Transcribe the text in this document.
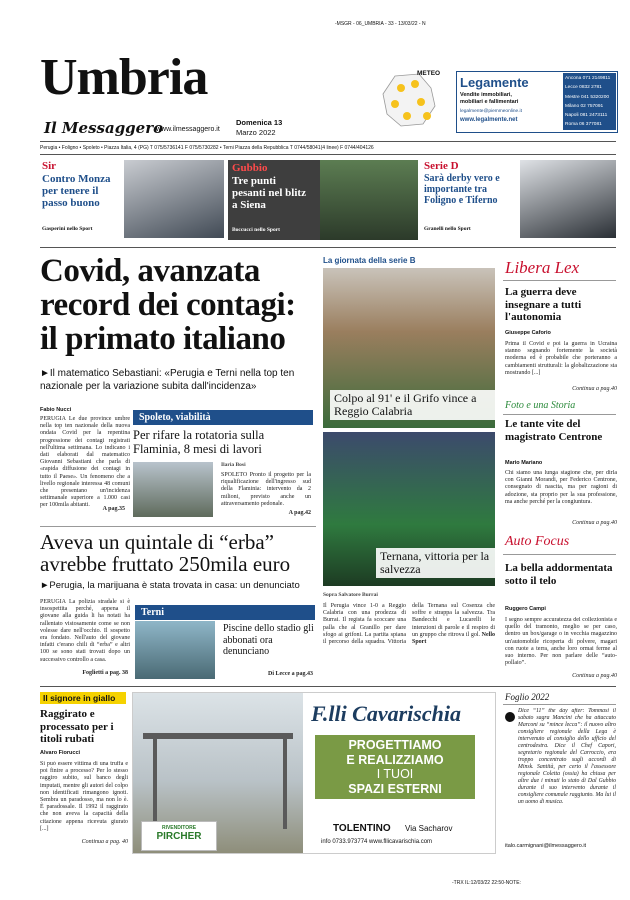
-MSGR - 06_UMBRIA - 33 - 13/03/22 - N
Umbria
Il Messaggero
www.ilmessaggero.it
Domenica 13
Marzo 2022
METEO
Legamente
Vendite immobiliari,
mobiliari e fallimentari
legalmente@piemmeonline.it
www.legalmente.net
Ancona 071 2149811
Lecce 0832 2781
Mestre 041 5320200
Milano 02 757091
Napoli 081 2473111
Roma 06 377081
Perugia • Foligno • Spoleto • Piazza Italia, 4 (PG) T 075/5736141 F 075/5730282 • Terni Piazza della Repubblica T 0744/58041(4 linee) F 0744/404126
Sir
Contro Monza per tenere il passo buono
Gasperini nello Sport
Gubbio
Tre punti pesanti nel blitz a Siena
Boccucci nello Sport
Serie D
Sarà derby vero e importante tra Foligno e Tiferno
Granelli nello Sport
Covid, avanzata record dei contagi: il primato italiano
►Il matematico Sebastiani: «Perugia e Terni nella top ten nazionale per la variazione subita dall'incidenza»
Fabio Nucci
PERUGIA Le due province umbre nella top ten nazionale della nuova ondata Covid per la repentina progressione dei contagi registrati nell'ultima settimana. Lo indicano i dati elaborati dal matematico Giovanni Sebastiani che parla di «rapida diffusione dei contagi in tutto il Paese». Un fenomeno che a livello regionale interessa 48 comuni che presentano un'incidenza settimanale superiore a 1.000 casi per 100mila abitanti.
A pag.35
Spoleto, viabilità
Per rifare la rotatoria sulla Flaminia, 8 mesi di lavori
Ilaria Bosi
SPOLETO Pronto il progetto per la riqualificazione dell'ingresso sud della Flaminia: intervento da 2 milioni, previsto anche un attraversamento pedonale.
A pag.42
Aveva un quintale di “erba” avrebbe fruttato 250mila euro
►Perugia, la marijuana è stata trovata in casa: un denunciato
PERUGIA La polizia stradale si è insospettita perché, appena il giovane alla guida li ha notati ha rallentato vistosamente come se non volesse dare nell'occhio. Il sospetto era fondato. Nell'auto del giovane infatti c'erano chili di “erba” e altri 100 se sono stati trovati dopo un successivo controllo a casa.
Foglietti a pag. 38
Terni
Piscine dello stadio gli abbonati ora denunciano
Di Lecce a pag.43
La giornata della serie B
Colpo al 91' e il Grifo vince a Reggio Calabria
Ternana, vittoria per la salvezza
Sopra Salvatore Burrai
Il Perugia vince 1-0 a Reggio Calabria con una prodezza di Burrai. Il regista fa scoccare una palla che al Granillo per dare sfogo ai grifoni. La partita spiana il percorso della squadra. Vittoria della Ternana sul Cosenza che soffre e strappa la salvezza. Tra Bandecchi e Lucarelli le intenzioni di parole e il respiro di un gruppo che ritrova il gol. Nello Sport
Libera Lex
La guerra deve insegnare a tutti l'autonomia
Giuseppe Caforio
Prima il Covid e poi la guerra in Ucraina stanno segnando fortemente la società moderna ed è probabile che porteranno a cambiamenti strutturali: la globalizzazione sta mostrando [...]
Continua a pag.40
Foto e una Storia
Le tante vite del magistrato Centrone
Mario Mariano
Chi siamo una lunga stagione che, per dirla con Gianni Morandi, per Federico Centrone, consegnato di nascita, ma per ragioni di adozione, sta proprio per la sua professione, ma anche perché per la congiuntura.
Continua a pag.40
Auto Focus
La bella addormentata sotto il telo
Ruggero Campi
I segno sempre accuratezza del collezionista e quello del tramonto, meglio se per caso, dentro un box/garage o in vecchia magazzino un'automobile ricoperta di polvere, magari con ruote a terra, anche loro ormai ferme al suo interno. Per non parlare delle “auto-pollaio”.
Continua a pag.40
Il signore in giallo
Raggirato e processato per i titoli rubati
Alvaro Fiorucci
Si può essere vittima di una truffa e poi finire a processo? Per lo stesso raggiro subito, sul banco degli imputati, mentre gli autori del colpo non identificati rimangono ignoti. Sembra un paradosso, ma non lo è. È paradossale. Il 1992 il raggirato che non aveva la capacità della citazione appena ricevuta giurato [...]
Continua a pag. 40
F.lli Cavarischia
PROGETTIAMO
E REALIZZIAMO
I TUOI
SPAZI ESTERNI
RIVENDITORE
PIRCHER
TOLENTINO Via Sacharov
info 0733.973774 www.fllicavarischia.com
Foglio 2022
Dice “11” the day after: Tommasi il sabato sagra Mancini che ha attaccato Marconi su “mince lecca”: il nuovo altro consigliere regionale della Lega è intervenuto al consiglio dello ufficio del centrodestra. Dice il Chef Capori, segretario regionale del Carroccio, era troppo concentrato sugli accordi di Minsk. Santità, per certo il l'assessore regionale Coletta (ossia) ha chiusa per altre due i minuti lo stato di Dal Gubbio durante il suo intervento durante il consigliere comunale raggiunto. Ma lui il un uomo di musica.
italo.carmignani@ilmessaggero.it
-TRX IL:12/03/22 22:50-NOTE:
